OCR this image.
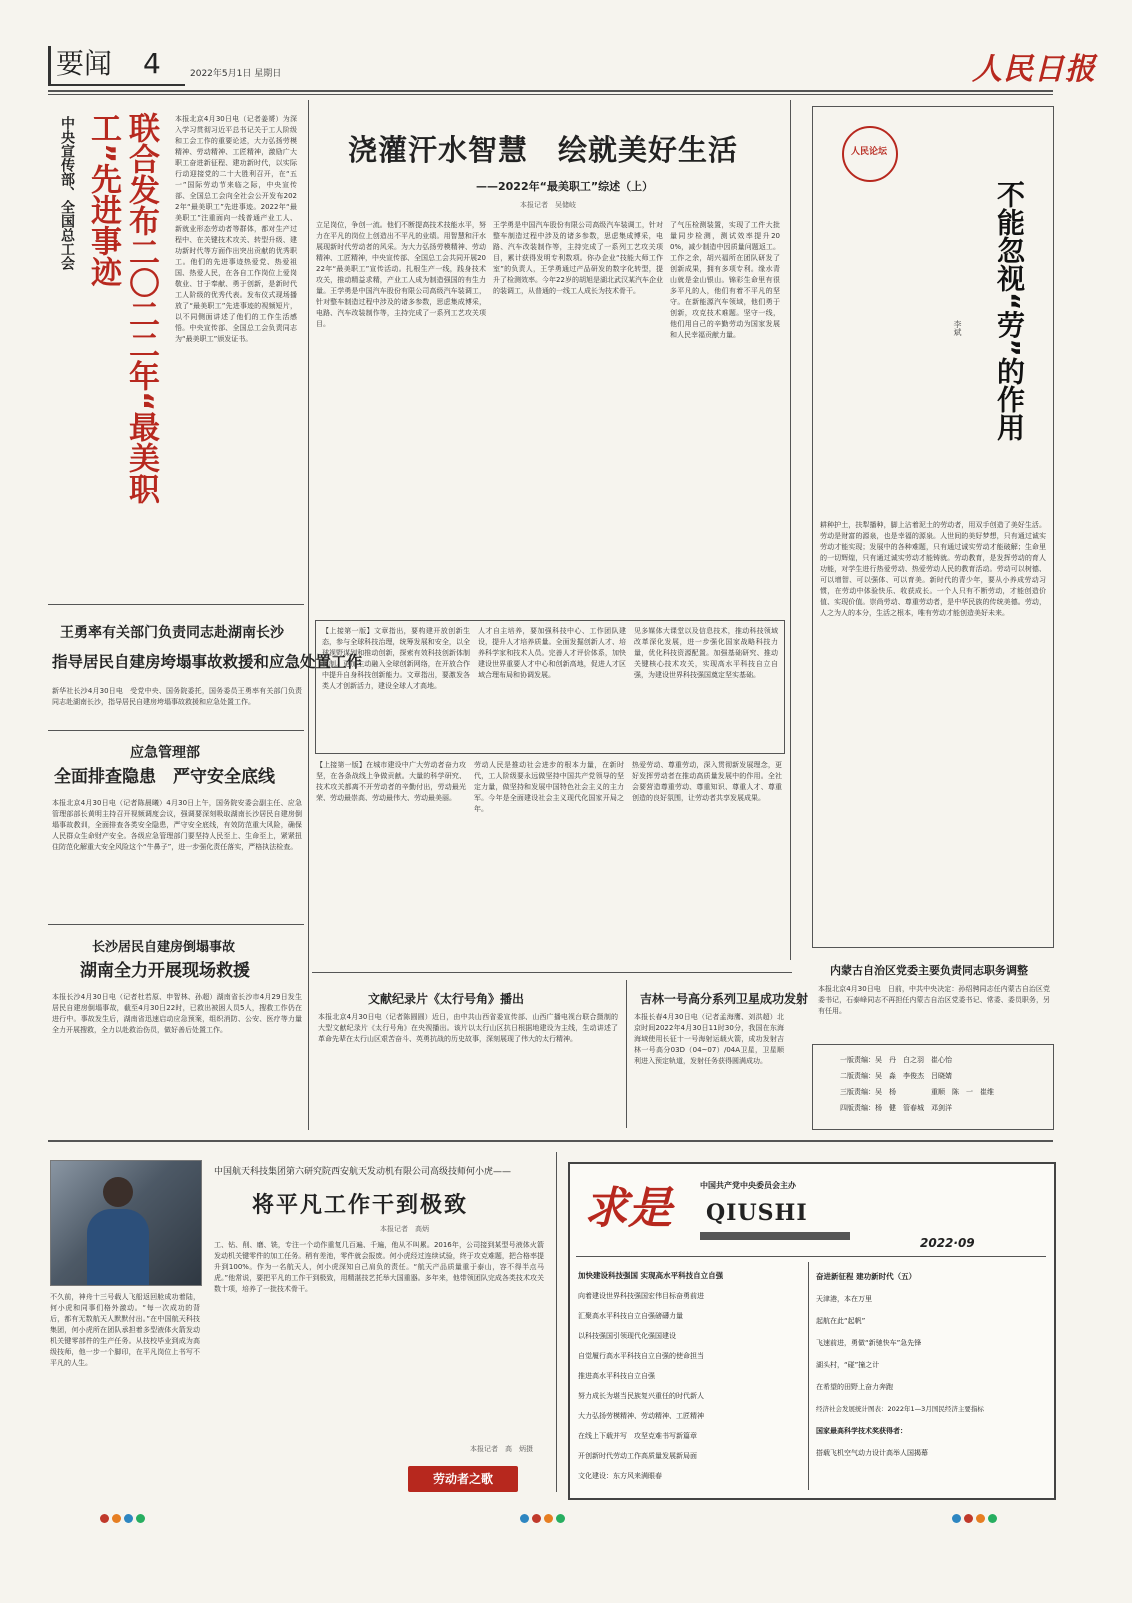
要闻 4	2022年5月1日 星期日	人民日报
中央宣传部、全国总工会	联合发布二〇二二年“最美职工”先进事迹	本报北京4月30日电（记者姜赟）为深入学习贯彻习近平总书记关于工人阶级和工会工作的重要论述，大力弘扬劳模精神、劳动精神、工匠精神，激励广大职工奋进新征程、建功新时代，以实际行动迎接党的二十大胜利召开，在“五一”国际劳动节来临之际，中央宣传部、全国总工会向全社会公开发布2022年“最美职工”先进事迹。2022年“最美职工”注重面向一线普通产业工人、新就业形态劳动者等群体，都对生产过程中、在关键技术攻关、转型升级、建功新时代等方面作出突出贡献的优秀职工。他们的先进事迹热爱党、热爱祖国、热爱人民，在各自工作岗位上爱岗敬业、甘于奉献、勇于创新，是新时代工人阶级的优秀代表。发布仪式现场播放了“最美职工”先进事迹的视频短片，以不同侧面讲述了他们的工作生活感悟。中央宣传部、全国总工会负责同志为“最美职工”颁发证书。
王勇率有关部门负责同志赴湖南长沙
指导居民自建房垮塌事故救援和应急处置工作
新华社长沙4月30日电　受党中央、国务院委托，国务委员王勇率有关部门负责同志赴湖南长沙，指导居民自建房垮塌事故救援和应急处置工作。
应急管理部
全面排查隐患　严守安全底线
本报北京4月30日电（记者陈晨曦）4月30日上午，国务院安委会副主任、应急管理部部长黄明主持召开视频调度会议，强调要深刻吸取湖南长沙居民自建房倒塌事故教训，全面排查各类安全隐患，严守安全底线，有效防范重大风险，确保人民群众生命财产安全。各级应急管理部门要坚持人民至上、生命至上，紧紧扭住防范化解重大安全风险这个“牛鼻子”，进一步强化责任落实，严格执法检查。
长沙居民自建房倒塌事故
湖南全力开展现场救援
本报长沙4月30日电（记者杜若原、申智林、孙超）湖南省长沙市4月29日发生居民自建房倒塌事故，截至4月30日22时，已救出被困人员5人，搜救工作仍在进行中。事故发生后，湖南省迅速启动应急预案，组织消防、公安、医疗等力量全力开展搜救，全力以赴救治伤员，做好善后处置工作。
浇灌汗水智慧　绘就美好生活
——2022年“最美职工”综述（上）
本报记者　吴储岐
立足岗位，争创一流。他们不断提高技术技能水平，努力在平凡的岗位上创造出不平凡的业绩。用智慧和汗水展现新时代劳动者的风采。为大力弘扬劳模精神、劳动精神、工匠精神，中央宣传部、全国总工会共同开展2022年“最美职工”宣传活动。扎根生产一线，践身技术攻关，推动精益求精，产业工人成为制造强国的有生力量。王学勇是中国汽车股份有限公司高级汽车装调工，针对整车制造过程中涉及的诸多参数，思虑集成博采，电路、汽车改装制作等，主持完成了一系列工艺攻关项目。
王学勇是中国汽车股份有限公司高级汽车装调工，针对整车制造过程中涉及的诸多参数，思虑集成博采，电路、汽车改装制作等，主持完成了一系列工艺攻关项目，累计获得发明专利数项。你办企业“技能大师工作室”的负责人，王学勇通过产品研发的数字化转型，提升了检测效率。今年22岁的胡旭是湖北武汉某汽车企业的装调工，从普通的一线工人成长为技术骨干。
了气压检测装置，实现了工件大批量同步检测，测试效率提升200%，减少制造中因质量问题返工。工作之余，胡兴福所在团队研发了创新成果，拥有多项专利。缘水青山就是金山银山。锦彩生命里有很多平凡的人，他们有着不平凡的坚守。在新能源汽车领域，他们勇于创新，攻克技术难题。坚守一线，他们用自己的辛勤劳动为国家发展和人民幸福贡献力量。
【上接第一版】文章指出，要构建开放创新生态，参与全球科技治理，统筹发展和安全，以全球视野谋划和推动创新，探索有效科技创新体制机制。更加主动融入全球创新网络，在开放合作中提升自身科技创新能力。文章指出，要激发各类人才创新活力，建设全球人才高地。
人才自主培养，要加强科技中心、工作团队建设，提升人才培养质量。全面发掘创新人才、培养科学家和技术人员。完善人才评价体系，加快建设世界重要人才中心和创新高地，促进人才区域合理布局和协调发展。
见多媒体大课堂以及信息技术，推动科技领域改革深化发展，进一步强化国家战略科技力量，优化科技资源配置。加强基础研究、推动关键核心技术攻关，实现高水平科技自立自强，为建设世界科技强国奠定坚实基础。
【上接第一版】在城市建设中广大劳动者奋力攻坚，在各条战线上争做贡献。大量的科学研究、技术攻关都离不开劳动者的辛勤付出，劳动最光荣、劳动最崇高、劳动最伟大、劳动最美丽。
劳动人民是推动社会进步的根本力量，在新时代，工人阶级要永远做坚持中国共产党领导的坚定力量，做坚持和发展中国特色社会主义的主力军。今年是全面建设社会主义现代化国家开局之年。
热爱劳动、尊重劳动，深入贯彻新发展理念，更好发挥劳动者在推动高质量发展中的作用。全社会要营造尊重劳动、尊重知识、尊重人才、尊重创造的良好氛围，让劳动者共享发展成果。
文献纪录片《太行号角》播出
本报北京4月30日电（记者陈圆圆）近日，由中共山西省委宣传部、山西广播电视台联合摄制的大型文献纪录片《太行号角》在央视播出。该片以太行山区抗日根据地建设为主线，生动讲述了革命先辈在太行山区艰苦奋斗、英勇抗战的历史故事，深刻展现了伟大的太行精神。
吉林一号高分系列卫星成功发射
本报长春4月30日电（记者孟海鹰、刘洪超）北京时间2022年4月30日11时30分，我国在东海海域使用长征十一号海射运载火箭，成功发射吉林一号高分03D（04~07）/04A卫星，卫星顺利进入预定轨道，发射任务获得圆满成功。
人民论坛
不能忽视“劳”的作用
李斌
耕种护土，扶犁播种，脚上沾着泥土的劳动者，用双手创造了美好生活。劳动是财富的源泉，也是幸福的源泉。人世间的美好梦想，只有通过诚实劳动才能实现；发展中的各种难题，只有通过诚实劳动才能破解；生命里的一切辉煌，只有通过诚实劳动才能铸就。劳动教育，是发挥劳动的育人功能，对学生进行热爱劳动、热爱劳动人民的教育活动。劳动可以树德、可以增智、可以强体、可以育美。新时代的青少年，要从小养成劳动习惯，在劳动中体验快乐、收获成长。一个人只有不断劳动，才能创造价值、实现价值。崇尚劳动、尊重劳动者，是中华民族的传统美德。劳动，人之为人的本分，生活之根本，唯有劳动才能创造美好未来。
内蒙古自治区党委主要负责同志职务调整
本报北京4月30日电　日前，中共中央决定：孙绍骋同志任内蒙古自治区党委书记，石泰峰同志不再担任内蒙古自治区党委书记、常委、委员职务，另有任用。
一版责编：吴　丹　白之羽　崔心怡
二版责编：吴　淼　李俊杰　吕晓婧
三版责编：吴　杨　　　　　重顺　陈　一　崔维
四版责编：杨　健　管春城　邓剑洋
中国航天科技集团第六研究院西安航天发动机有限公司高级技师何小虎——
将平凡工作干到极致
本报记者　高炳
不久前，神舟十三号载人飞船返回舱成功着陆，何小虎和同事们格外激动。“每一次成功的背后，都有无数航天人默默付出。”在中国航天科技集团，何小虎所在团队承担着多型液体火箭发动机关键零部件的生产任务。从技校毕业到成为高级技师，他一步一个脚印，在平凡岗位上书写不平凡的人生。
工、钻、削、磨、铣，专注一个动作重复几百遍、千遍，他从不叫累。2016年，公司接到某型号液体火箭发动机关键零件的加工任务。稍有差池，零件就会报废。何小虎经过连续试验，终于攻克难题，把合格率提升到100%。作为一名航天人，何小虎深知自己肩负的责任。“航天产品质量重于泰山，容不得半点马虎。”他常说，要把平凡的工作干到极致，用精湛技艺托举大国重器。多年来，他带领团队完成各类技术攻关数十项，培养了一批技术骨干。
本报记者　高　炳摄
劳动者之歌
求是	中国共产党中央委员会主办
QIUSHI
2022·09
加快建设科技强国 实现高水平科技自立自强
向着建设世界科技强国宏伟目标奋勇前进
汇聚高水平科技自立自强磅礴力量
以科技强国引领现代化强国建设
自觉履行高水平科技自立自强的使命担当
推进高水平科技自立自强
努力成长为堪当民族复兴重任的时代新人
大力弘扬劳模精神、劳动精神、工匠精神
在线上下载并写　攻坚克难书写新篇章
开创新时代劳动工作高质量发展新局面
文化建设：东方风来满眼春
奋进新征程 建功新时代（五）
天津港，本在万里
起航在此“起帆”
飞速前进，勇做“新驰快车”急先锋
湖头村，“碰”撞之计
在希望的田野上奋力奔跑
经济社会发展统计图表：2022年1—3月国民经济主要指标
国家最高科学技术奖获得者：
搭载飞机空气动力设计高举人国揭幕
